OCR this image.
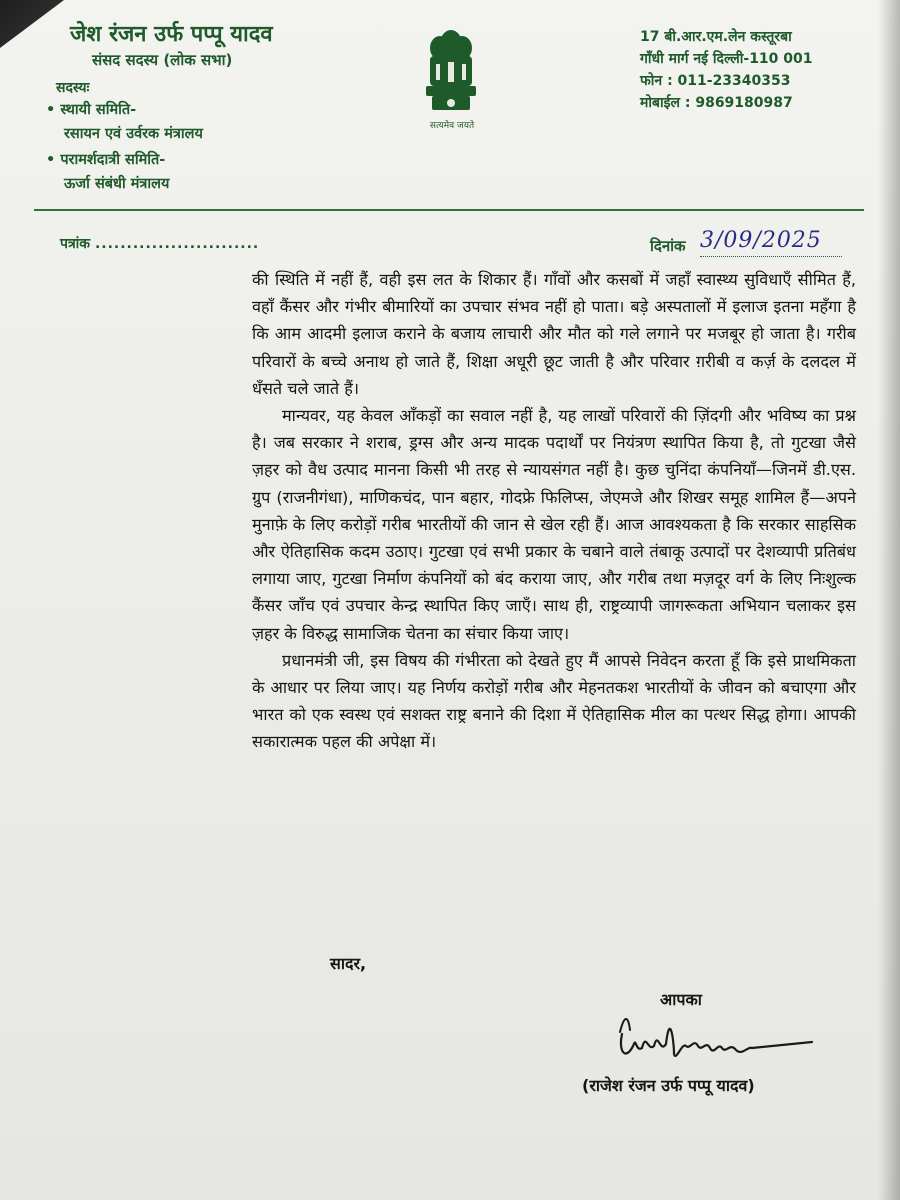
जेश रंजन उर्फ पप्पू यादव
संसद सदस्य (लोक सभा)
सदस्यः
• स्थायी समिति-
रसायन एवं उर्वरक मंत्रालय
• परामर्शदात्री समिति-
ऊर्जा संबंधी मंत्रालय
सत्यमेव जयते
17 बी.आर.एम.लेन कस्तूरबा
गाँधी मार्ग नई दिल्ली-110 001
फोन : 011-23340353
मोबाईल : 9869180987
पत्रांक ..........................	दिनांक 3/09/2025

की स्थिति में नहीं हैं, वही इस लत के शिकार हैं। गाँवों और कसबों में जहाँ स्वास्थ्य सुविधाएँ सीमित हैं, वहाँ कैंसर और गंभीर बीमारियों का उपचार संभव नहीं हो पाता। बड़े अस्पतालों में इलाज इतना महँगा है कि आम आदमी इलाज कराने के बजाय लाचारी और मौत को गले लगाने पर मजबूर हो जाता है। गरीब परिवारों के बच्चे अनाथ हो जाते हैं, शिक्षा अधूरी छूट जाती है और परिवार ग़रीबी व कर्ज़ के दलदल में धँसते चले जाते हैं।

मान्यवर, यह केवल आँकड़ों का सवाल नहीं है, यह लाखों परिवारों की ज़िंदगी और भविष्य का प्रश्न है। जब सरकार ने शराब, ड्रग्स और अन्य मादक पदार्थों पर नियंत्रण स्थापित किया है, तो गुटखा जैसे ज़हर को वैध उत्पाद मानना किसी भी तरह से न्यायसंगत नहीं है। कुछ चुनिंदा कंपनियाँ—जिनमें डी.एस. ग्रुप (राजनीगंधा), माणिकचंद, पान बहार, गोदफ्रे फिलिप्स, जेएमजे और शिखर समूह शामिल हैं—अपने मुनाफ़े के लिए करोड़ों गरीब भारतीयों की जान से खेल रही हैं। आज आवश्यकता है कि सरकार साहसिक और ऐतिहासिक कदम उठाए। गुटखा एवं सभी प्रकार के चबाने वाले तंबाकू उत्पादों पर देशव्यापी प्रतिबंध लगाया जाए, गुटखा निर्माण कंपनियों को बंद कराया जाए, और गरीब तथा मज़दूर वर्ग के लिए निःशुल्क कैंसर जाँच एवं उपचार केन्द्र स्थापित किए जाएँ। साथ ही, राष्ट्रव्यापी जागरूकता अभियान चलाकर इस ज़हर के विरुद्ध सामाजिक चेतना का संचार किया जाए।

प्रधानमंत्री जी, इस विषय की गंभीरता को देखते हुए मैं आपसे निवेदन करता हूँ कि इसे प्राथमिकता के आधार पर लिया जाए। यह निर्णय करोड़ों गरीब और मेहनतकश भारतीयों के जीवन को बचाएगा और भारत को एक स्वस्थ एवं सशक्त राष्ट्र बनाने की दिशा में ऐतिहासिक मील का पत्थर सिद्ध होगा। आपकी सकारात्मक पहल की अपेक्षा में।

सादर,
आपका
(राजेश रंजन उर्फ पप्पू यादव)
